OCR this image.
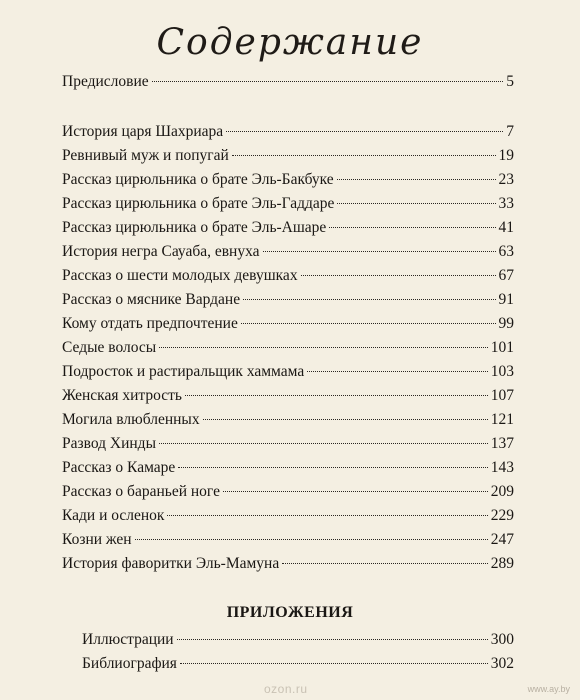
Содержание
Предисловие	5
История царя Шахриара	7
Ревнивый муж и попугай	19
Рассказ цирюльника о брате Эль-Бакбуке	23
Рассказ цирюльника о брате Эль-Гаддаре	33
Рассказ цирюльника о брате Эль-Ашаре	41
История негра Сауаба, евнуха	63
Рассказ о шести молодых девушках	67
Рассказ о мяснике Вардане	91
Кому отдать предпочтение	99
Седые волосы	101
Подросток и растиральщик хаммама	103
Женская хитрость	107
Могила влюбленных	121
Развод Хинды	137
Рассказ о Камаре	143
Рассказ о бараньей ноге	209
Кади и осленок	229
Козни жен	247
История фаворитки Эль-Мамуна	289
ПРИЛОЖЕНИЯ
Иллюстрации	300
Библиография	302
ozon.ru	www.ay.by
